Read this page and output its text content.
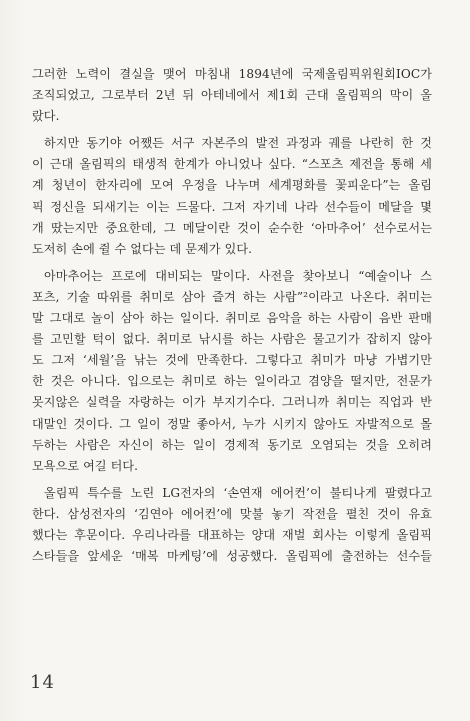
그러한 노력이 결실을 맺어 마침내 1894년에 국제올림픽위원회IOC가
조직되었고, 그로부터 2년 뒤 아테네에서 제1회 근대 올림픽의 막이 올
랐다.

하지만 동기야 어쨌든 서구 자본주의 발전 과정과 궤를 나란히 한 것
이 근대 올림픽의 태생적 한계가 아니었나 싶다. “스포츠 제전을 통해 세
계 청년이 한자리에 모여 우정을 나누며 세계평화를 꽃피운다”는 올림
픽 정신을 되새기는 이는 드물다. 그저 자기네 나라 선수들이 메달을 몇
개 땄는지만 중요한데, 그 메달이란 것이 순수한 ‘아마추어’ 선수로서는
도저히 손에 쥘 수 없다는 데 문제가 있다.

아마추어는 프로에 대비되는 말이다. 사전을 찾아보니 “예술이나 스
포츠, 기술 따위를 취미로 삼아 즐겨 하는 사람”²이라고 나온다. 취미는
말 그대로 놀이 삼아 하는 일이다. 취미로 음악을 하는 사람이 음반 판매
를 고민할 턱이 없다. 취미로 낚시를 하는 사람은 물고기가 잡히지 않아
도 그저 ‘세월’을 낚는 것에 만족한다. 그렇다고 취미가 마냥 가볍기만
한 것은 아니다. 입으로는 취미로 하는 일이라고 겸양을 떨지만, 전문가
못지않은 실력을 자랑하는 이가 부지기수다. 그러니까 취미는 직업과 반
대말인 것이다. 그 일이 정말 좋아서, 누가 시키지 않아도 자발적으로 몰
두하는 사람은 자신이 하는 일이 경제적 동기로 오염되는 것을 오히려
모욕으로 여길 터다.

올림픽 특수를 노린 LG전자의 ‘손연재 에어컨’이 불티나게 팔렸다고
한다. 삼성전자의 ‘김연아 에어컨’에 맞불 놓기 작전을 펼친 것이 유효
했다는 후문이다. 우리나라를 대표하는 양대 재벌 회사는 이렇게 올림픽
스타들을 앞세운 ‘매복 마케팅’에 성공했다. 올림픽에 출전하는 선수들

14
